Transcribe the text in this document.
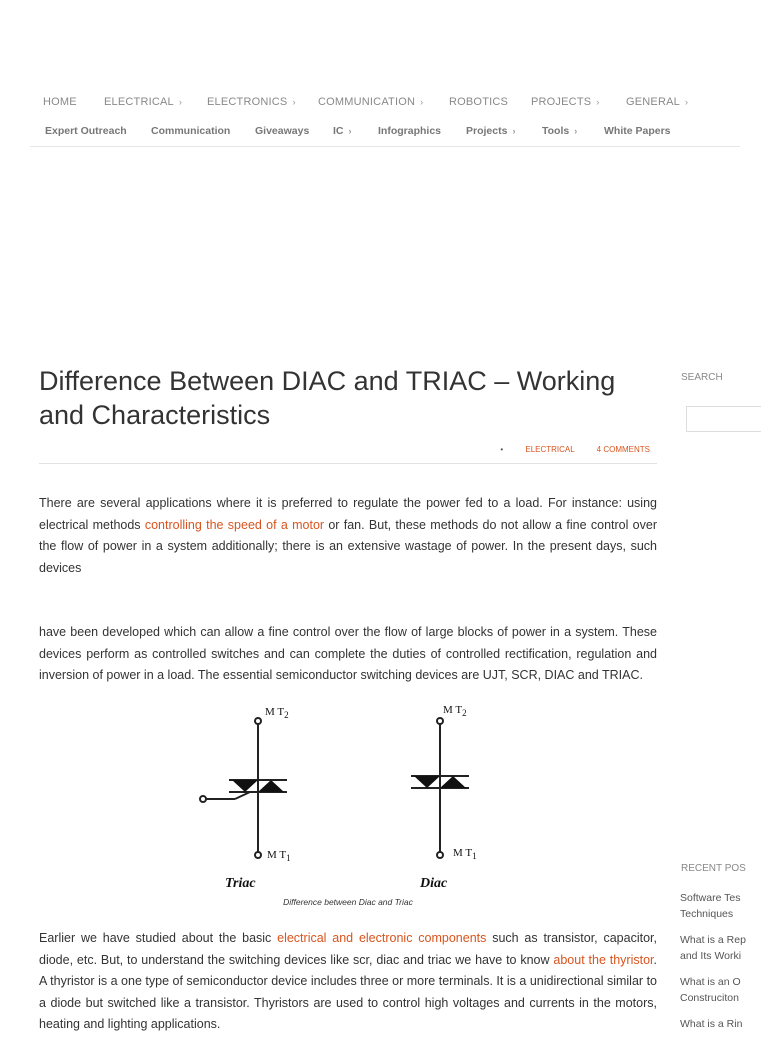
HOME ELECTRICAL › ELECTRONICS › COMMUNICATION › ROBOTICS PROJECTS › GENERAL ›
Expert Outreach Communication Giveaways IC ›	Infographics Projects ›	Tools ›	White Papers
Difference Between DIAC and TRIAC – Working and Characteristics
•	ELECTRICAL	4 COMMENTS

There are several applications where it is preferred to regulate the power fed to a load. For instance: using electrical methods controlling the speed of a motor or fan. But, these methods do not allow a fine control over the flow of power in a system additionally; there is an extensive wastage of power. In the present days, such devices

have been developed which can allow a fine control over the flow of large blocks of power in a system. These devices perform as controlled switches and can complete the duties of controlled rectification, regulation and inversion of power in a load. The essential semiconductor switching devices are UJT, SCR, DIAC and TRIAC.

M $T_2$
M $T_1$
M $T_2$
M $T_1$
Triac	Diac
Difference between Diac and Triac

Earlier we have studied about the basic electrical and electronic components such as transistor, capacitor, diode, etc. But, to understand the switching devices like scr, diac and triac we have to know about the thyristor. A thyristor is a one type of semiconductor device includes three or more terminals. It is a unidirectional similar to a diode but switched like a transistor. Thyristors are used to control high voltages and currents in the motors, heating and lighting applications.

SEARCH
RECENT POS
Software Tes
Techniques
What is a Rep
and Its Worki
What is an O
Construciton
What is a Rin
